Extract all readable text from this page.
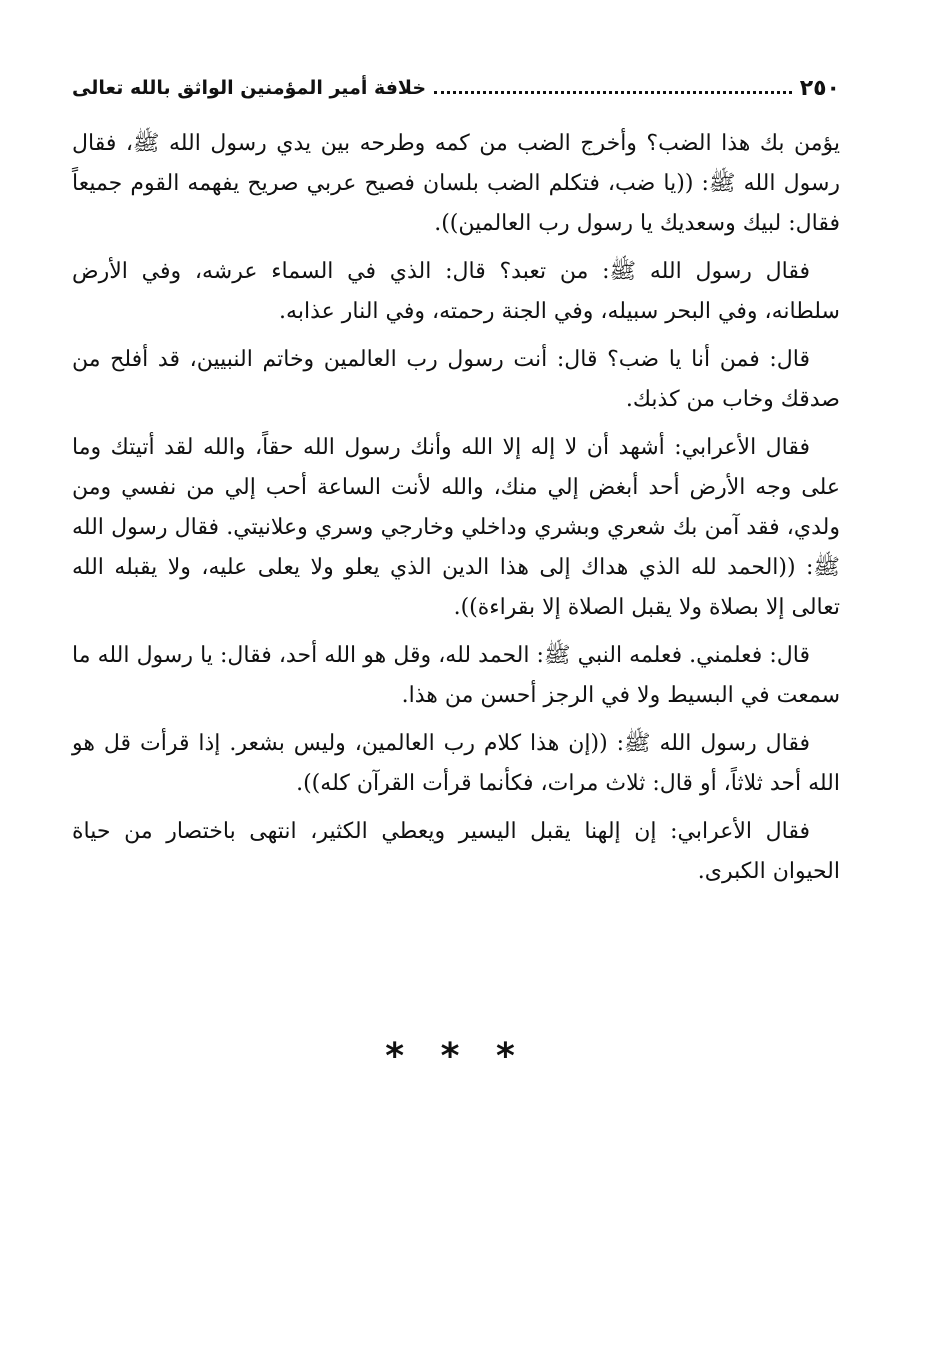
٢٥٠
خلافة أمير المؤمنين الواثق بالله تعالى

يؤمن بك هذا الضب؟ وأخرج الضب من كمه وطرحه بين يدي رسول الله ﷺ، فقال رسول الله ﷺ: ((يا ضب، فتكلم الضب بلسان فصيح عربي صريح يفهمه القوم جميعاً فقال: لبيك وسعديك يا رسول رب العالمين)).

فقال رسول الله ﷺ: من تعبد؟ قال: الذي في السماء عرشه، وفي الأرض سلطانه، وفي البحر سبيله، وفي الجنة رحمته، وفي النار عذابه.

قال: فمن أنا يا ضب؟ قال: أنت رسول رب العالمين وخاتم النبيين، قد أفلح من صدقك وخاب من كذبك.

فقال الأعرابي: أشهد أن لا إله إلا الله وأنك رسول الله حقاً، والله لقد أتيتك وما على وجه الأرض أحد أبغض إلي منك، والله لأنت الساعة أحب إلي من نفسي ومن ولدي، فقد آمن بك شعري وبشري وداخلي وخارجي وسري وعلانيتي. فقال رسول الله ﷺ: ((الحمد لله الذي هداك إلى هذا الدين الذي يعلو ولا يعلى عليه، ولا يقبله الله تعالى إلا بصلاة ولا يقبل الصلاة إلا بقراءة)).

قال: فعلمني. فعلمه النبي ﷺ: الحمد لله، وقل هو الله أحد، فقال: يا رسول الله ما سمعت في البسيط ولا في الرجز أحسن من هذا.

فقال رسول الله ﷺ: ((إن هذا كلام رب العالمين، وليس بشعر. إذا قرأت قل هو الله أحد ثلاثاً، أو قال: ثلاث مرات، فكأنما قرأت القرآن كله)).

فقال الأعرابي: إن إلهنا يقبل اليسير ويعطي الكثير، انتهى باختصار من حياة الحيوان الكبرى.

* * *
